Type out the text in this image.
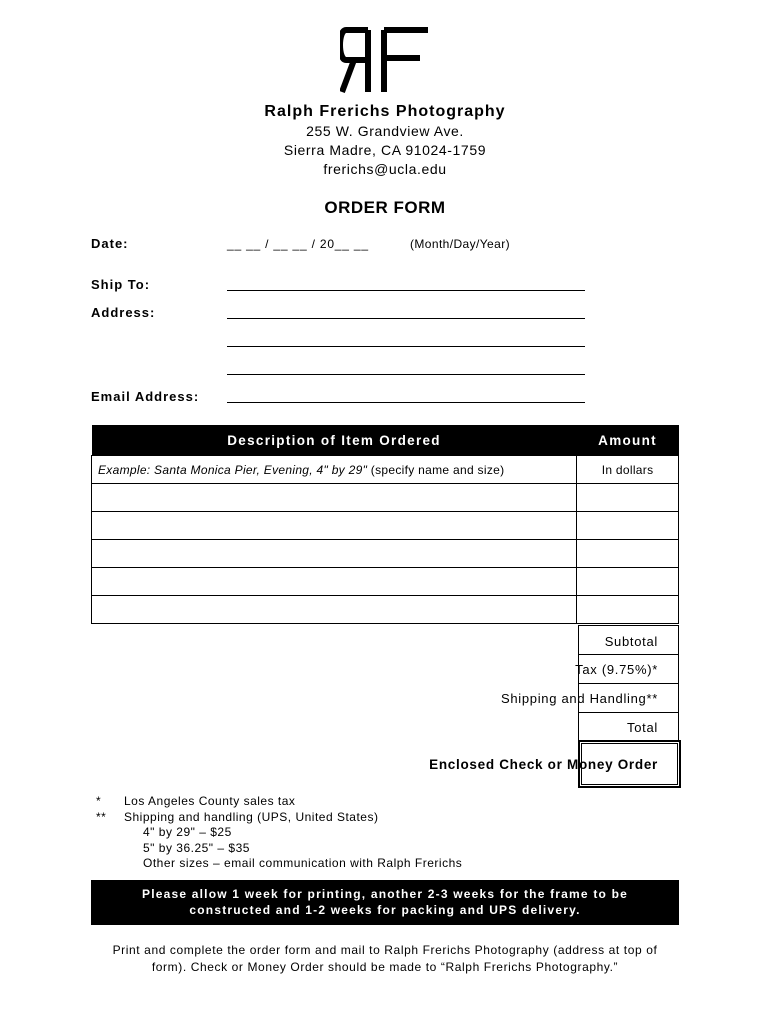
Ralph Frerichs Photography
255 W. Grandview Ave.
Sierra Madre, CA 91024-1759
frerichs@ucla.edu
ORDER FORM
Date:	__ __ / __ __ / 20__ __	(Month/Day/Year)
Ship To:
Address:
Email Address:
Description of Item Ordered	Amount
Example: Santa Monica Pier, Evening, 4" by 29" (specify name and size)	In dollars

Subtotal
Tax (9.75%)*
Shipping and Handling**
Total
Enclosed Check or Money Order
* Los Angeles County sales tax
** Shipping and handling (UPS, United States)
4" by 29" – $25
5" by 36.25" – $35
Other sizes – email communication with Ralph Frerichs
Please allow 1 week for printing, another 2-3 weeks for the frame to be
constructed and 1-2 weeks for packing and UPS delivery.
Print and complete the order form and mail to Ralph Frerichs Photography (address at top of
form). Check or Money Order should be made to “Ralph Frerichs Photography.”
